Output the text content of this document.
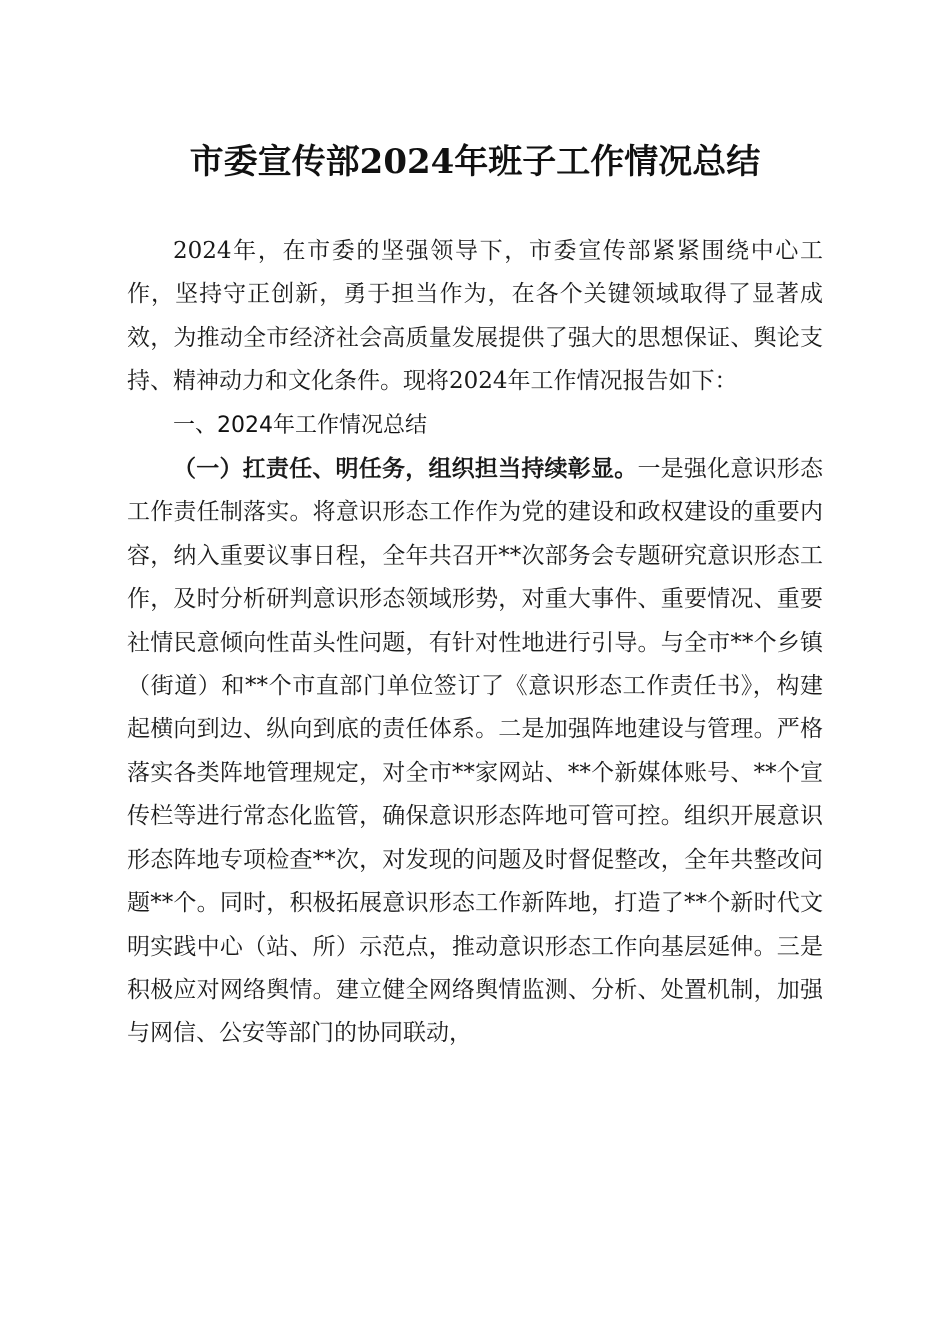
市委宣传部2024年班子工作情况总结

2024年，在市委的坚强领导下，市委宣传部紧紧围绕中心工作，坚持守正创新，勇于担当作为，在各个关键领域取得了显著成效，为推动全市经济社会高质量发展提供了强大的思想保证、舆论支持、精神动力和文化条件。现将2024年工作情况报告如下：

一、2024年工作情况总结

（一）扛责任、明任务，组织担当持续彰显。一是强化意识形态工作责任制落实。将意识形态工作作为党的建设和政权建设的重要内容，纳入重要议事日程，全年共召开**次部务会专题研究意识形态工作，及时分析研判意识形态领域形势，对重大事件、重要情况、重要社情民意倾向性苗头性问题，有针对性地进行引导。与全市**个乡镇（街道）和**个市直部门单位签订了《意识形态工作责任书》，构建起横向到边、纵向到底的责任体系。二是加强阵地建设与管理。严格落实各类阵地管理规定，对全市**家网站、**个新媒体账号、**个宣传栏等进行常态化监管，确保意识形态阵地可管可控。组织开展意识形态阵地专项检查**次，对发现的问题及时督促整改，全年共整改问题**个。同时，积极拓展意识形态工作新阵地，打造了**个新时代文明实践中心（站、所）示范点，推动意识形态工作向基层延伸。三是积极应对网络舆情。建立健全网络舆情监测、分析、处置机制，加强与网信、公安等部门的协同联动，
